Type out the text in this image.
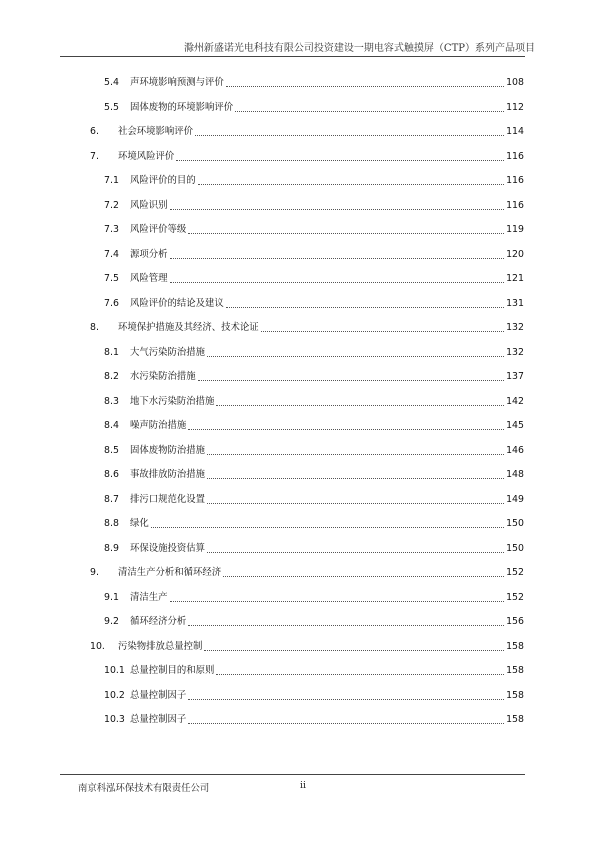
滁州新盛诺光电科技有限公司投资建设一期电容式触摸屏（CTP）系列产品项目
5.4	声环境影响预测与评价	108
5.5	固体废物的环境影响评价	112
6.	社会环境影响评价	114
7.	环境风险评价	116
7.1	风险评价的目的	116
7.2	风险识别	116
7.3	风险评价等级	119
7.4	源项分析	120
7.5	风险管理	121
7.6	风险评价的结论及建议	131
8.	环境保护措施及其经济、技术论证	132
8.1	大气污染防治措施	132
8.2	水污染防治措施	137
8.3	地下水污染防治措施	142
8.4	噪声防治措施	145
8.5	固体废物防治措施	146
8.6	事故排放防治措施	148
8.7	排污口规范化设置	149
8.8	绿化	150
8.9	环保设施投资估算	150
9.	清洁生产分析和循环经济	152
9.1	清洁生产	152
9.2	循环经济分析	156
10.	污染物排放总量控制	158
10.1 总量控制目的和原则	158
10.2 总量控制因子	158
10.3 总量控制因子	158
南京科泓环保技术有限责任公司	ii
